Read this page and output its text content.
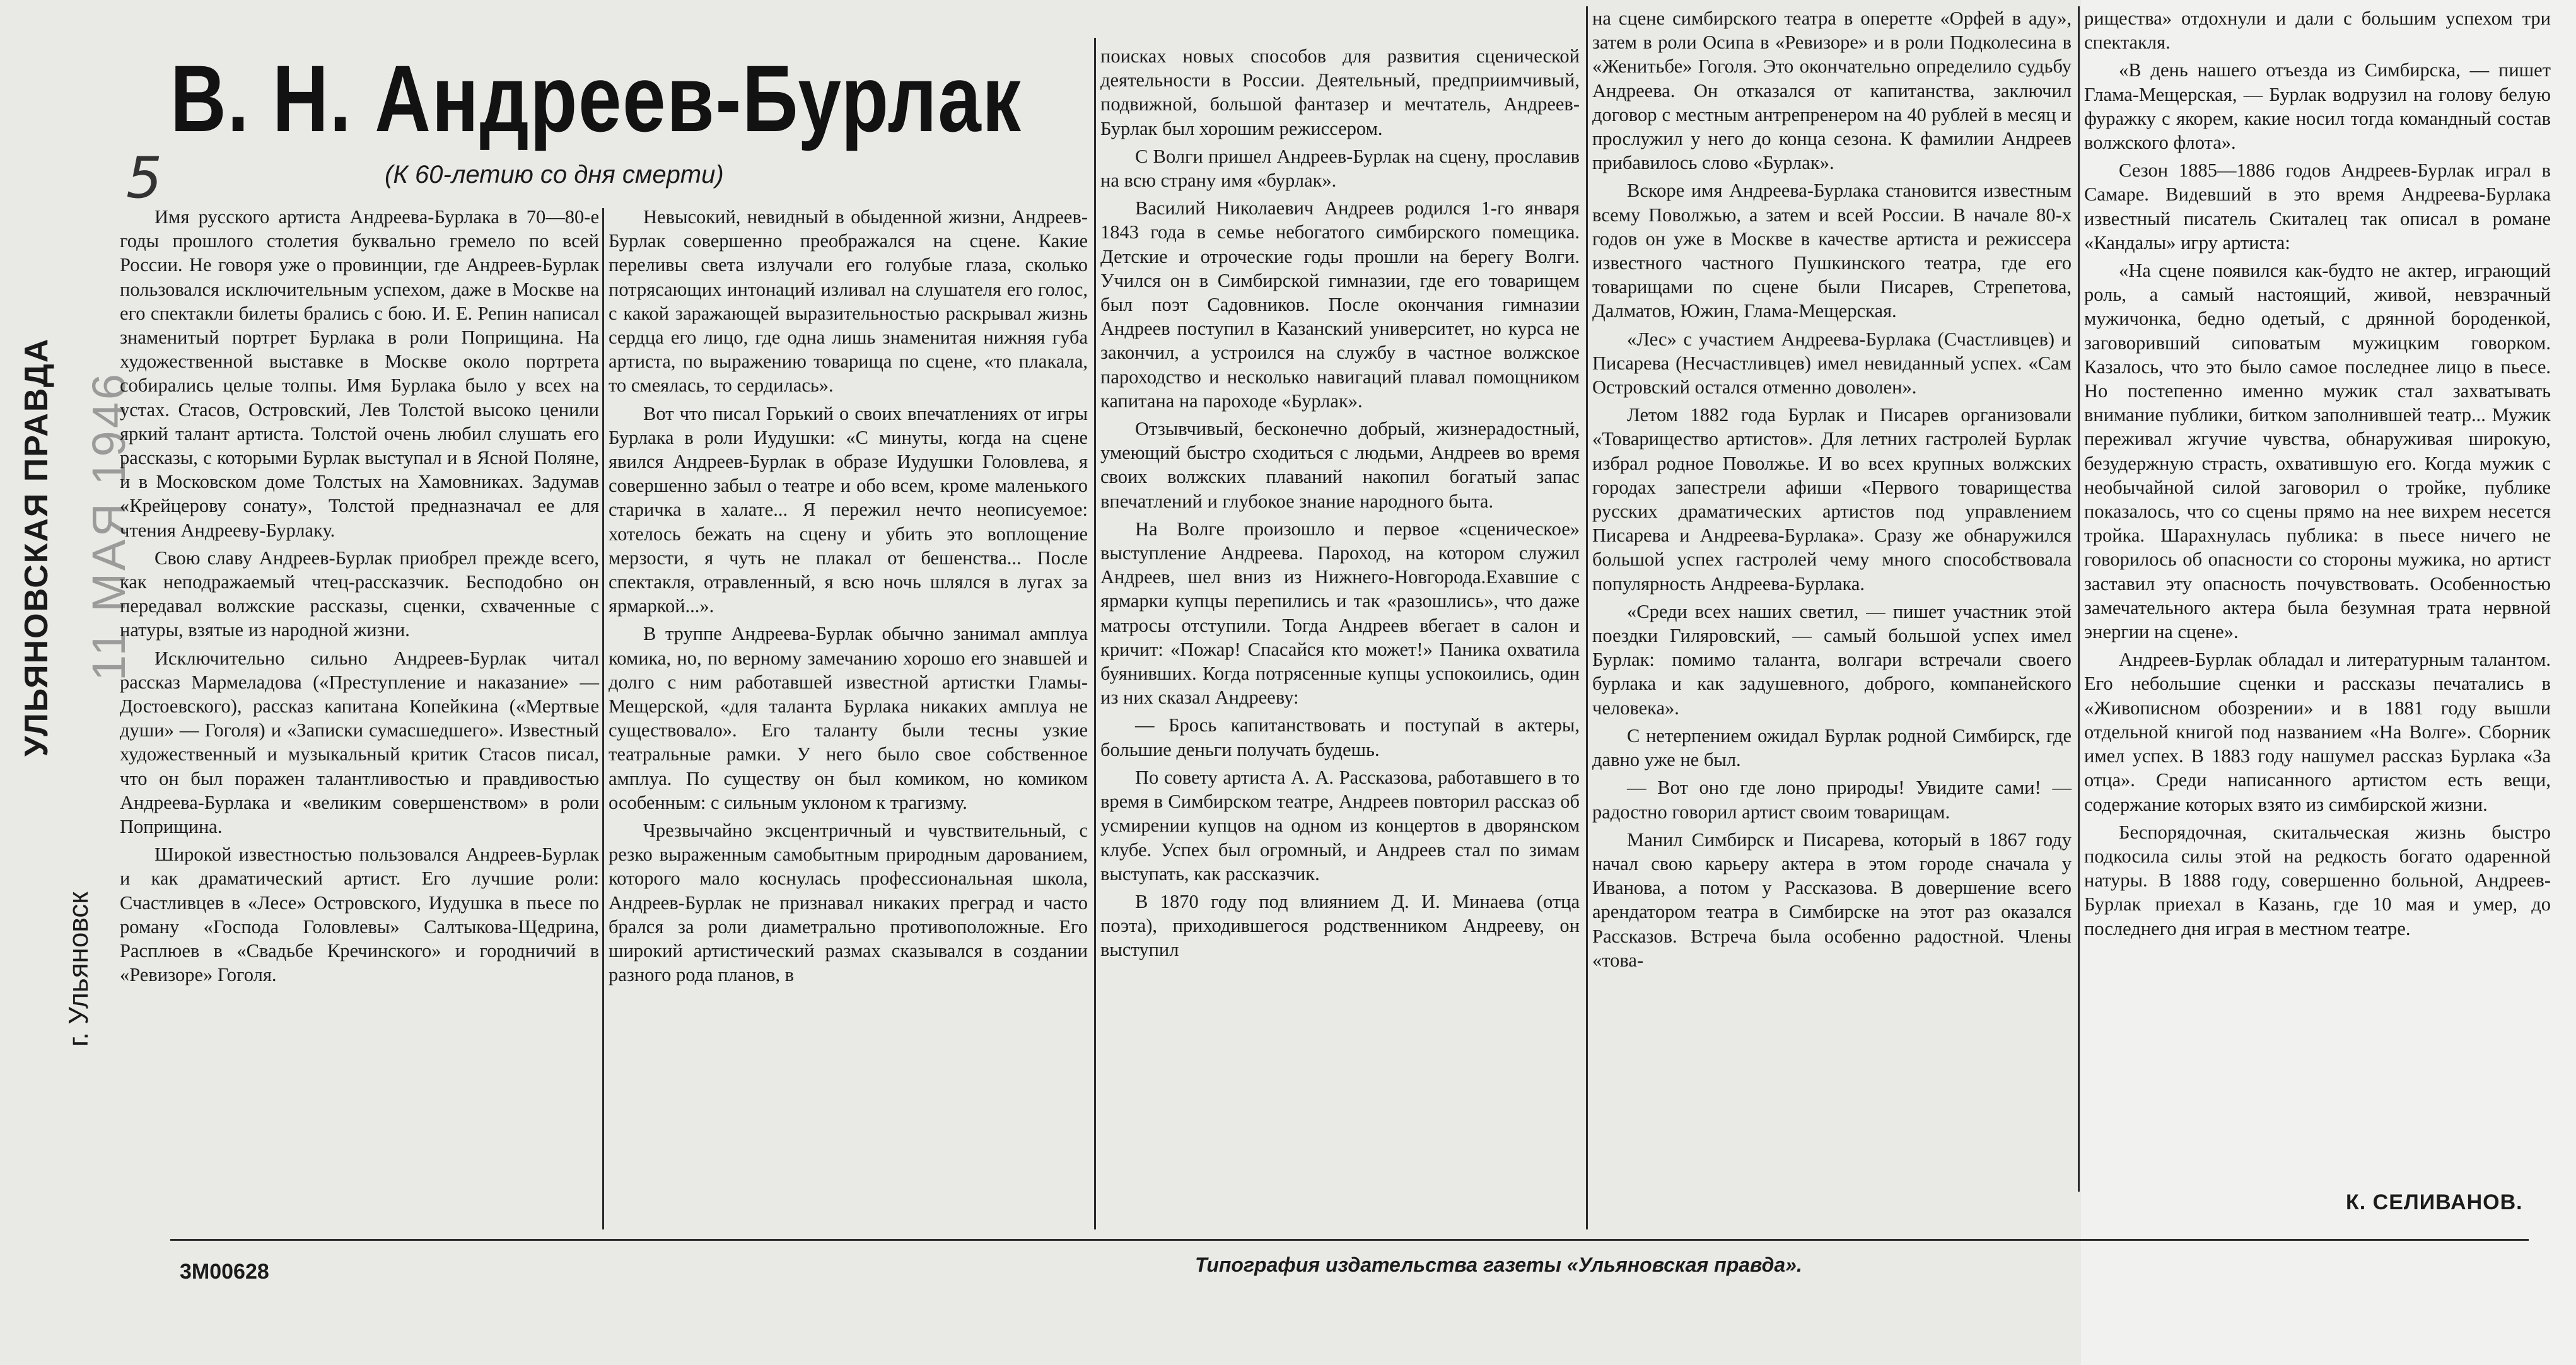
В. Н. Андреев-Бурлак
(К 60-летию со дня смерти)
5
УЛЬЯНОВСКАЯ ПРАВДА
г. Ульяновск
11 МАЯ 1946

Имя русского артиста Андреева-Бурлака в 70—80-е годы прошлого столетия буквально гремело по всей России. Не говоря уже о провинции, где Андреев-Бурлак пользовался исключительным успехом, даже в Москве на его спектакли билеты брались с бою. И. Е. Репин написал знаменитый портрет Бурлака в роли Поприщина. На художественной выставке в Москве около портрета собирались целые толпы. Имя Бурлака было у всех на устах. Стасов, Островский, Лев Толстой высоко ценили яркий талант артиста. Толстой очень любил слушать его рассказы, с которыми Бурлак выступал и в Ясной Поляне, и в Московском доме Толстых на Хамовниках. Задумав «Крейцерову сонату», Толстой предназначал ее для чтения Андрееву-Бурлаку.

Свою славу Андреев-Бурлак приобрел прежде всего, как неподражаемый чтец-рассказчик. Бесподобно он передавал волжские рассказы, сценки, схваченные с натуры, взятые из народной жизни.

Исключительно сильно Андреев-Бурлак читал рассказ Мармеладова («Преступление и наказание» — Достоевского), рассказ капитана Копейкина («Мертвые души» — Гоголя) и «Записки сумасшедшего». Известный художественный и музыкальный критик Стасов писал, что он был поражен талантливостью и правдивостью Андреева-Бурлака и «великим совершенством» в роли Поприщина.

Широкой известностью пользовался Андреев-Бурлак и как драматический артист. Его лучшие роли: Счастливцев в «Лесе» Островского, Иудушка в пьесе по роману «Господа Головлевы» Салтыкова-Щедрина, Расплюев в «Свадьбе Кречинского» и городничий в «Ревизоре» Гоголя.

Невысокий, невидный в обыденной жизни, Андреев-Бурлак совершенно преображался на сцене. Какие переливы света излучали его голубые глаза, сколько потрясающих интонаций изливал на слушателя его голос, с какой заражающей выразительностью раскрывал жизнь сердца его лицо, где одна лишь знаменитая нижняя губа артиста, по выражению товарища по сцене, «то плакала, то смеялась, то сердилась».

Вот что писал Горький о своих впечатлениях от игры Бурлака в роли Иудушки: «С минуты, когда на сцене явился Андреев-Бурлак в образе Иудушки Головлева, я совершенно забыл о театре и обо всем, кроме маленького старичка в халате... Я пережил нечто неописуемое: хотелось бежать на сцену и убить это воплощение мерзости, я чуть не плакал от бешенства... После спектакля, отравленный, я всю ночь шлялся в лугах за ярмаркой...».

В труппе Андреева-Бурлак обычно занимал амплуа комика, но, по верному замечанию хорошо его знавшей и долго с ним работавшей известной артистки Гламы-Мещерской, «для таланта Бурлака никаких амплуа не существовало». Его таланту были тесны узкие театральные рамки. У него было свое собственное амплуа. По существу он был комиком, но комиком особенным: с сильным уклоном к трагизму.

Чрезвычайно эксцентричный и чувствительный, с резко выраженным самобытным природным дарованием, которого мало коснулась профессиональная школа, Андреев-Бурлак не признавал никаких преград и часто брался за роли диаметрально противоположные. Его широкий артистический размах сказывался в создании разного рода планов, в

поисках новых способов для развития сценической деятельности в России. Деятельный, предприимчивый, подвижной, большой фантазер и мечтатель, Андреев-Бурлак был хорошим режиссером.

С Волги пришел Андреев-Бурлак на сцену, прославив на всю страну имя «бурлак».

Василий Николаевич Андреев родился 1-го января 1843 года в семье небогатого симбирского помещика. Детские и отроческие годы прошли на берегу Волги. Учился он в Симбирской гимназии, где его товарищем был поэт Садовников. После окончания гимназии Андреев поступил в Казанский университет, но курса не закончил, а устроился на службу в частное волжское пароходство и несколько навигаций плавал помощником капитана на пароходе «Бурлак».

Отзывчивый, бесконечно добрый, жизнерадостный, умеющий быстро сходиться с людьми, Андреев во время своих волжских плаваний накопил богатый запас впечатлений и глубокое знание народного быта.

На Волге произошло и первое «сценическое» выступление Андреева. Пароход, на котором служил Андреев, шел вниз из Нижнего-Новгорода.Ехавшие с ярмарки купцы перепились и так «разошлись», что даже матросы отступили. Тогда Андреев вбегает в салон и кричит: «Пожар! Спасайся кто может!» Паника охватила буянивших. Когда потрясенные купцы успокоились, один из них сказал Андрееву:

— Брось капитанствовать и поступай в актеры, большие деньги получать будешь.

По совету артиста А. А. Рассказова, работавшего в то время в Симбирском театре, Андреев повторил рассказ об усмирении купцов на одном из концертов в дворянском клубе. Успех был огромный, и Андреев стал по зимам выступать, как рассказчик.

В 1870 году под влиянием Д. И. Минаева (отца поэта), приходившегося родственником Андрееву, он выступил

на сцене симбирского театра в оперетте «Орфей в аду», затем в роли Осипа в «Ревизоре» и в роли Подколесина в «Женитьбе» Гоголя. Это окончательно определило судьбу Андреева. Он отказался от капитанства, заключил договор с местным антрепренером на 40 рублей в месяц и прослужил у него до конца сезона. К фамилии Андреев прибавилось слово «Бурлак».

Вскоре имя Андреева-Бурлака становится известным всему Поволжью, а затем и всей России. В начале 80-х годов он уже в Москве в качестве артиста и режиссера известного частного Пушкинского театра, где его товарищами по сцене были Писарев, Стрепетова, Далматов, Южин, Глама-Мещерская.

«Лес» с участием Андреева-Бурлака (Счастливцев) и Писарева (Несчастливцев) имел невиданный успех. «Сам Островский остался отменно доволен».

Летом 1882 года Бурлак и Писарев организовали «Товарищество артистов». Для летних гастролей Бурлак избрал родное Поволжье. И во всех крупных волжских городах запестрели афиши «Первого товарищества русских драматических артистов под управлением Писарева и Андреева-Бурлака». Сразу же обнаружился большой успех гастролей чему много способствовала популярность Андреева-Бурлака.

«Среди всех наших светил, — пишет участник этой поездки Гиляровский, — самый большой успех имел Бурлак: помимо таланта, волгари встречали своего бурлака и как задушевного, доброго, компанейского человека».

С нетерпением ожидал Бурлак родной Симбирск, где давно уже не был.

— Вот оно где лоно природы! Увидите сами! — радостно говорил артист своим товарищам.

Манил Симбирск и Писарева, который в 1867 году начал свою карьеру актера в этом городе сначала у Иванова, а потом у Рассказова. В довершение всего арендатором театра в Симбирске на этот раз оказался Рассказов. Встреча была особенно радостной. Члены «това-

рищества» отдохнули и дали с большим успехом три спектакля.

«В день нашего отъезда из Симбирска, — пишет Глама-Мещерская, — Бурлак водрузил на голову белую фуражку с якорем, какие носил тогда командный состав волжского флота».

Сезон 1885—1886 годов Андреев-Бурлак играл в Самаре. Видевший в это время Андреева-Бурлака известный писатель Скиталец так описал в романе «Кандалы» игру артиста:

«На сцене появился как-будто не актер, играющий роль, а самый настоящий, живой, невзрачный мужичонка, бедно одетый, с дрянной бороденкой, заговоривший сиповатым мужицким говорком. Казалось, что это было самое последнее лицо в пьесе. Но постепенно именно мужик стал захватывать внимание публики, битком заполнившей театр... Мужик переживал жгучие чувства, обнаруживая широкую, безудержную страсть, охватившую его. Когда мужик с необычайной силой заговорил о тройке, публике показалось, что со сцены прямо на нее вихрем несется тройка. Шарахнулась публика: в пьесе ничего не говорилось об опасности со стороны мужика, но артист заставил эту опасность почувствовать. Особенностью замечательного актера была безумная трата нервной энергии на сцене».

Андреев-Бурлак обладал и литературным талантом. Его небольшие сценки и рассказы печатались в «Живописном обозрении» и в 1881 году вышли отдельной книгой под названием «На Волге». Сборник имел успех. В 1883 году нашумел рассказ Бурлака «За отца». Среди написанного артистом есть вещи, содержание которых взято из симбирской жизни.

Беспорядочная, скитальческая жизнь быстро подкосила силы этой на редкость богато одаренной натуры. В 1888 году, совершенно больной, Андреев-Бурлак приехал в Казань, где 10 мая и умер, до последнего дня играя в местном театре.

К. СЕЛИВАНОВ.
3М00628	Типография издательства газеты «Ульяновская правда».
